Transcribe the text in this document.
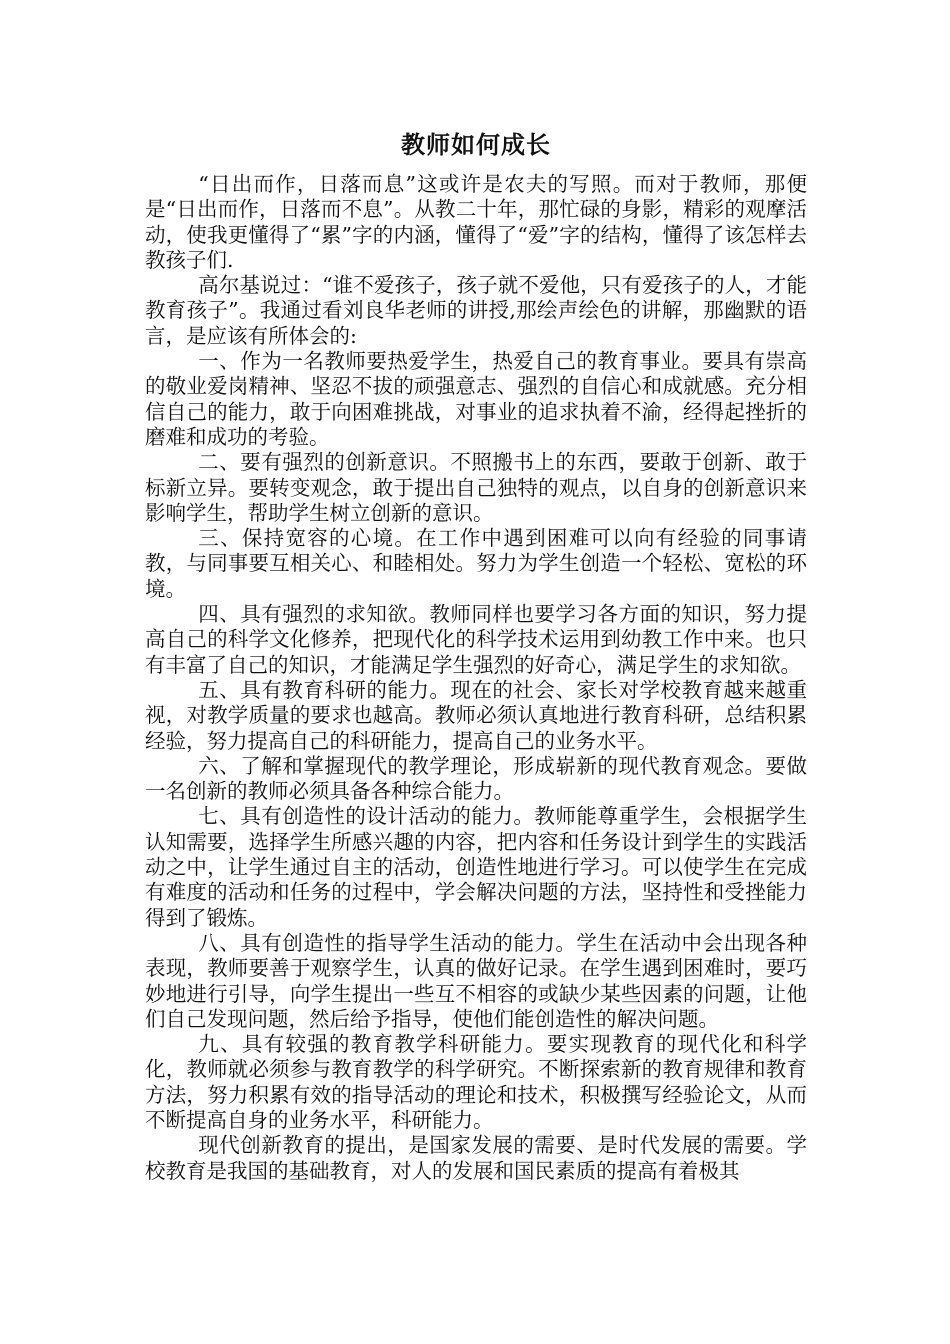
教师如何成长

“日出而作，日落而息”这或许是农夫的写照。而对于教师，那便是“日出而作，日落而不息”。从教二十年，那忙碌的身影，精彩的观摩活动，使我更懂得了“累”字的内涵，懂得了“爱”字的结构，懂得了该怎样去教孩子们.

高尔基说过：“谁不爱孩子，孩子就不爱他，只有爱孩子的人，才能教育孩子”。我通过看刘良华老师的讲授,那绘声绘色的讲解，那幽默的语言，是应该有所体会的:

一、作为一名教师要热爱学生，热爱自己的教育事业。要具有崇高的敬业爱岗精神、坚忍不拔的顽强意志、强烈的自信心和成就感。充分相信自己的能力，敢于向困难挑战，对事业的追求执着不渝，经得起挫折的磨难和成功的考验。

二、要有强烈的创新意识。不照搬书上的东西，要敢于创新、敢于标新立异。要转变观念，敢于提出自己独特的观点，以自身的创新意识来影响学生，帮助学生树立创新的意识。

三、保持宽容的心境。在工作中遇到困难可以向有经验的同事请教，与同事要互相关心、和睦相处。努力为学生创造一个轻松、宽松的环境。

四、具有强烈的求知欲。教师同样也要学习各方面的知识，努力提高自己的科学文化修养，把现代化的科学技术运用到幼教工作中来。也只有丰富了自己的知识，才能满足学生强烈的好奇心，满足学生的求知欲。

五、具有教育科研的能力。现在的社会、家长对学校教育越来越重视，对教学质量的要求也越高。教师必须认真地进行教育科研，总结积累经验，努力提高自己的科研能力，提高自己的业务水平。

六、了解和掌握现代的教学理论，形成崭新的现代教育观念。要做一名创新的教师必须具备各种综合能力。

七、具有创造性的设计活动的能力。教师能尊重学生，会根据学生认知需要，选择学生所感兴趣的内容，把内容和任务设计到学生的实践活动之中，让学生通过自主的活动，创造性地进行学习。可以使学生在完成有难度的活动和任务的过程中，学会解决问题的方法，坚持性和受挫能力得到了锻炼。

八、具有创造性的指导学生活动的能力。学生在活动中会出现各种表现，教师要善于观察学生，认真的做好记录。在学生遇到困难时，要巧妙地进行引导，向学生提出一些互不相容的或缺少某些因素的问题，让他们自己发现问题，然后给予指导，使他们能创造性的解决问题。

九、具有较强的教育教学科研能力。要实现教育的现代化和科学化，教师就必须参与教育教学的科学研究。不断探索新的教育规律和教育方法，努力积累有效的指导活动的理论和技术，积极撰写经验论文，从而不断提高自身的业务水平，科研能力。

现代创新教育的提出，是国家发展的需要、是时代发展的需要。学校教育是我国的基础教育，对人的发展和国民素质的提高有着极其
